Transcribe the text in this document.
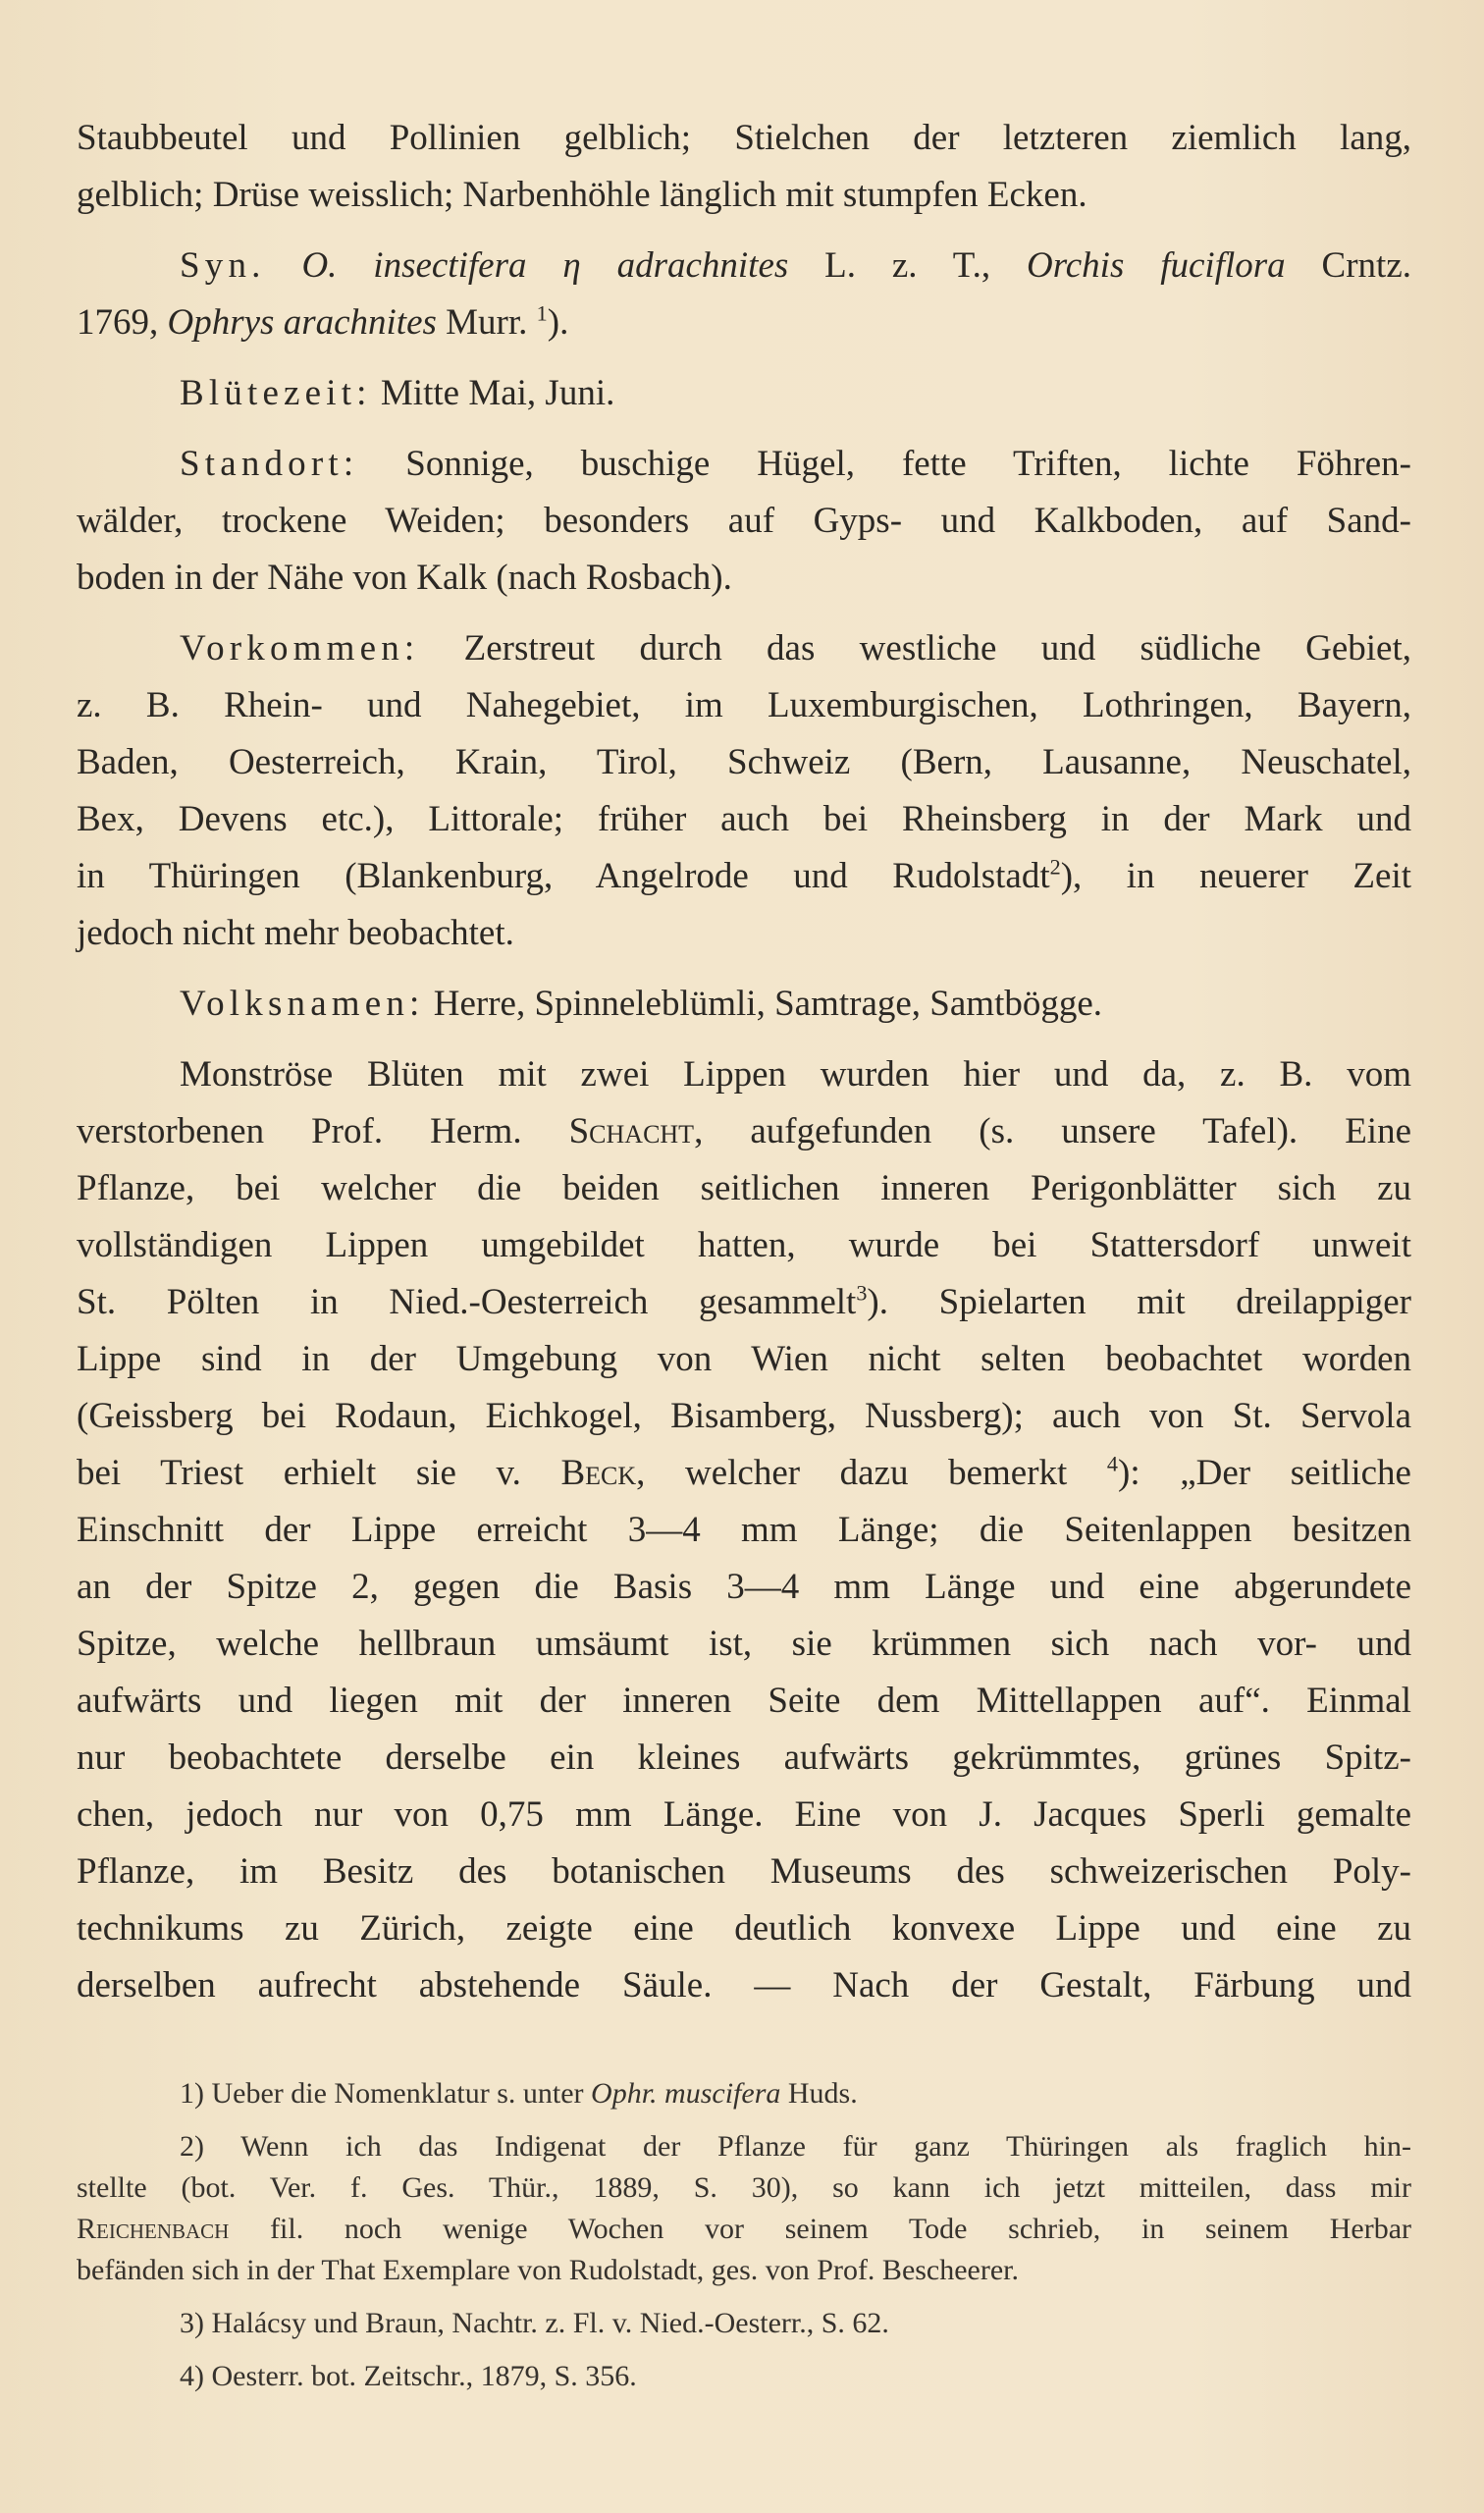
Staubbeutel und Pollinien gelblich; Stielchen der letzteren ziemlich lang,
gelblich; Drüse weisslich; Narbenhöhle länglich mit stumpfen Ecken.
Syn. O. insectifera η adrachnites L. z. T., Orchis fuciflora Crntz.
1769, Ophrys arachnites Murr. $^1$).
Blütezeit: Mitte Mai, Juni.
Standort: Sonnige, buschige Hügel, fette Triften, lichte Föhren-
wälder, trockene Weiden; besonders auf Gyps- und Kalkboden, auf Sand-
boden in der Nähe von Kalk (nach Rosbach).
Vorkommen: Zerstreut durch das westliche und südliche Gebiet,
z. B. Rhein- und Nahegebiet, im Luxemburgischen, Lothringen, Bayern,
Baden, Oesterreich, Krain, Tirol, Schweiz (Bern, Lausanne, Neuschatel,
Bex, Devens etc.), Littorale; früher auch bei Rheinsberg in der Mark und
in Thüringen (Blankenburg, Angelrode und Rudolstadt$^2$), in neuerer Zeit
jedoch nicht mehr beobachtet.
Volksnamen: Herre, Spinneleblümli, Samtrage, Samtbögge.
Monströse Blüten mit zwei Lippen wurden hier und da, z. B. vom
verstorbenen Prof. Herm. Schacht, aufgefunden (s. unsere Tafel). Eine
Pflanze, bei welcher die beiden seitlichen inneren Perigonblätter sich zu
vollständigen Lippen umgebildet hatten, wurde bei Stattersdorf unweit
St. Pölten in Nied.-Oesterreich gesammelt$^3$). Spielarten mit dreilappiger
Lippe sind in der Umgebung von Wien nicht selten beobachtet worden
(Geissberg bei Rodaun, Eichkogel, Bisamberg, Nussberg); auch von St. Servola
bei Triest erhielt sie v. Beck, welcher dazu bemerkt $^4$): „Der seitliche
Einschnitt der Lippe erreicht 3—4 mm Länge; die Seitenlappen besitzen
an der Spitze 2, gegen die Basis 3—4 mm Länge und eine abgerundete
Spitze, welche hellbraun umsäumt ist, sie krümmen sich nach vor- und
aufwärts und liegen mit der inneren Seite dem Mittellappen auf“. Einmal
nur beobachtete derselbe ein kleines aufwärts gekrümmtes, grünes Spitz-
chen, jedoch nur von 0,75 mm Länge. Eine von J. Jacques Sperli gemalte
Pflanze, im Besitz des botanischen Museums des schweizerischen Poly-
technikums zu Zürich, zeigte eine deutlich konvexe Lippe und eine zu
derselben aufrecht abstehende Säule. — Nach der Gestalt, Färbung und
1) Ueber die Nomenklatur s. unter Ophr. muscifera Huds.
2) Wenn ich das Indigenat der Pflanze für ganz Thüringen als fraglich hin-
stellte (bot. Ver. f. Ges. Thür., 1889, S. 30), so kann ich jetzt mitteilen, dass mir
Reichenbach fil. noch wenige Wochen vor seinem Tode schrieb, in seinem Herbar
befänden sich in der That Exemplare von Rudolstadt, ges. von Prof. Bescheerer.
3) Halácsy und Braun, Nachtr. z. Fl. v. Nied.-Oesterr., S. 62.
4) Oesterr. bot. Zeitschr., 1879, S. 356.
